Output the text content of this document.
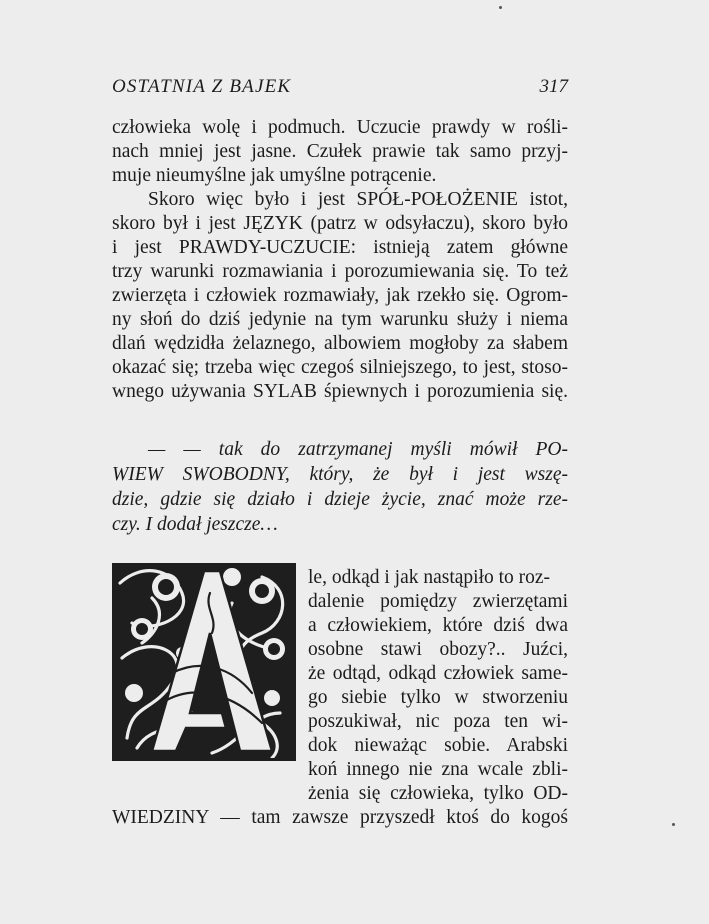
OSTATNIA Z BAJEK	317
człowieka wolę i podmuch. Uczucie prawdy w rośli-
nach mniej jest jasne. Czułek prawie tak samo przyj-
muje nieumyślne jak umyślne potrącenie.
Skoro więc było i jest SPÓŁ-POŁOŻENIE istot,
skoro był i jest JĘZYK (patrz w odsyłaczu), skoro było
i jest PRAWDY-UCZUCIE: istnieją zatem główne
trzy warunki rozmawiania i porozumiewania się. To też
zwierzęta i człowiek rozmawiały, jak rzekło się. Ogrom-
ny słoń do dziś jedynie na tym warunku służy i niema
dlań wędzidła żelaznego, albowiem mogłoby za słabem
okazać się; trzeba więc czegoś silniejszego, to jest, stoso-
wnego używania SYLAB śpiewnych i porozumienia się.
— — tak do zatrzymanej myśli mówił PO-
WIEW SWOBODNY, który, że był i jest wszę-
dzie, gdzie się działo i dzieje życie, znać może rze-
czy. I dodał jeszcze…
le, odkąd i jak nastąpiło to roz-
dalenie pomiędzy zwierzętami
a człowiekiem, które dziś dwa
osobne stawi obozy?.. Juźci,
że odtąd, odkąd człowiek same-
go siebie tylko w stworzeniu
poszukiwał, nic poza ten wi-
dok nieważąc sobie. Arabski
koń innego nie zna wcale zbli-
żenia się człowieka, tylko OD-
WIEDZINY — tam zawsze przyszedł ktoś do kogoś
